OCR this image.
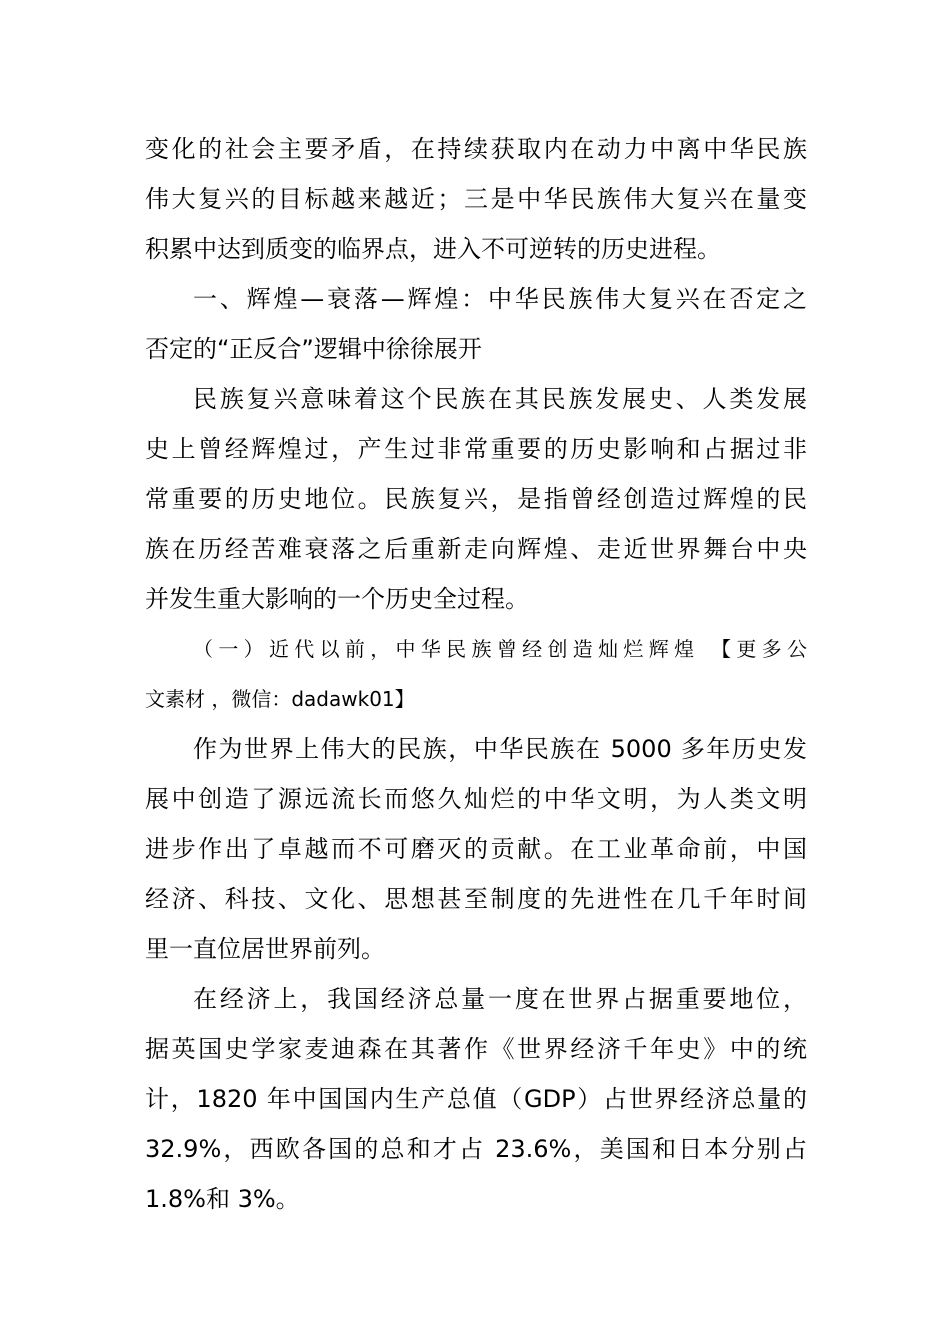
变化的社会主要矛盾，在持续获取内在动力中离中华民族
伟大复兴的目标越来越近；三是中华民族伟大复兴在量变
积累中达到质变的临界点，进入不可逆转的历史进程。
一、辉煌—衰落—辉煌：中华民族伟大复兴在否定之
否定的“正反合”逻辑中徐徐展开
民族复兴意味着这个民族在其民族发展史、人类发展
史上曾经辉煌过，产生过非常重要的历史影响和占据过非
常重要的历史地位。民族复兴，是指曾经创造过辉煌的民
族在历经苦难衰落之后重新走向辉煌、走近世界舞台中央
并发生重大影响的一个历史全过程。
（一）近代以前，中华民族曾经创造灿烂辉煌 【更多公
文素材 ，微信：dadawk01】
作为世界上伟大的民族，中华民族在 5000 多年历史发
展中创造了源远流长而悠久灿烂的中华文明，为人类文明
进步作出了卓越而不可磨灭的贡献。在工业革命前，中国
经济、科技、文化、思想甚至制度的先进性在几千年时间
里一直位居世界前列。
在经济上，我国经济总量一度在世界占据重要地位，
据英国史学家麦迪森在其著作《世界经济千年史》中的统
计，1820 年中国国内生产总值（GDP）占世界经济总量的
32.9%，西欧各国的总和才占 23.6%，美国和日本分别占
1.8%和 3%。
